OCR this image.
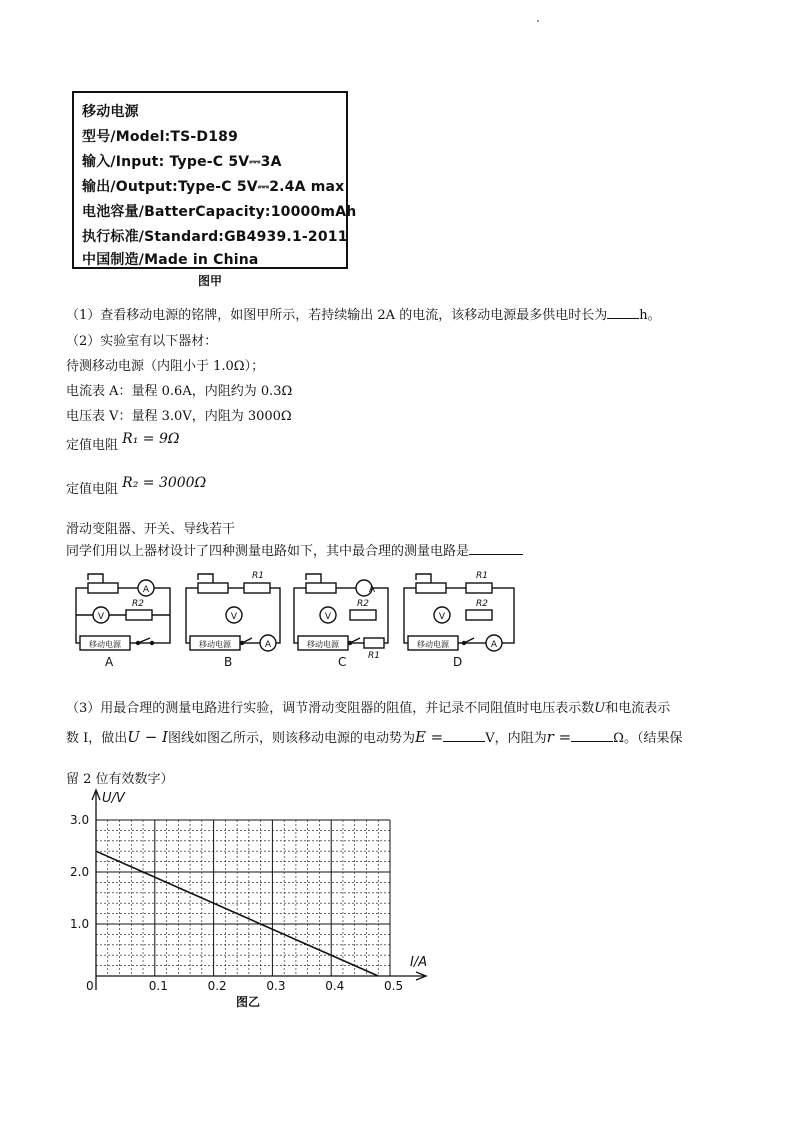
移动电源
型号/Model:TS-D189
输入/Input: Type-C 5V⎓3A
输出/Output:Type-C 5V⎓2.4A max
电池容量/BatterCapacity:10000mAh
执行标准/Standard:GB4939.1-2011
中国制造/Made in China
图甲
（1）查看移动电源的铭牌，如图甲所示，若持续输出 2A 的电流，该移动电源最多供电时长为 h。
（2）实验室有以下器材：
待测移动电源（内阻小于 1.0Ω）；
电流表 A：量程 0.6A，内阻约为 0.3Ω
电压表 V：量程 3.0V，内阻为 3000Ω
定值电阻 R₁ = 9Ω
定值电阻 R₂ = 3000Ω
滑动变阻器、开关、导线若干
同学们用以上器材设计了四种测量电路如下，其中最合理的测量电路是
A
V
R2
移动电源
R1
V
移动电源	A
A
V
R2
移动电源
R1
R1
V
R2
移动电源	A
A	B	C	D
（3）用最合理的测量电路进行实验，调节滑动变阻器的阻值，并记录不同阻值时电压表示数U和电流表示
数 I，做出U − I图线如图乙所示，则该移动电源的电动势为E =	V，内阻为r =	Ω。（结果保
留 2 位有效数字）
0	0.1	0.2	0.3	0.4	0.5
1.0
2.0
3.0
U/V
I/A
图乙
